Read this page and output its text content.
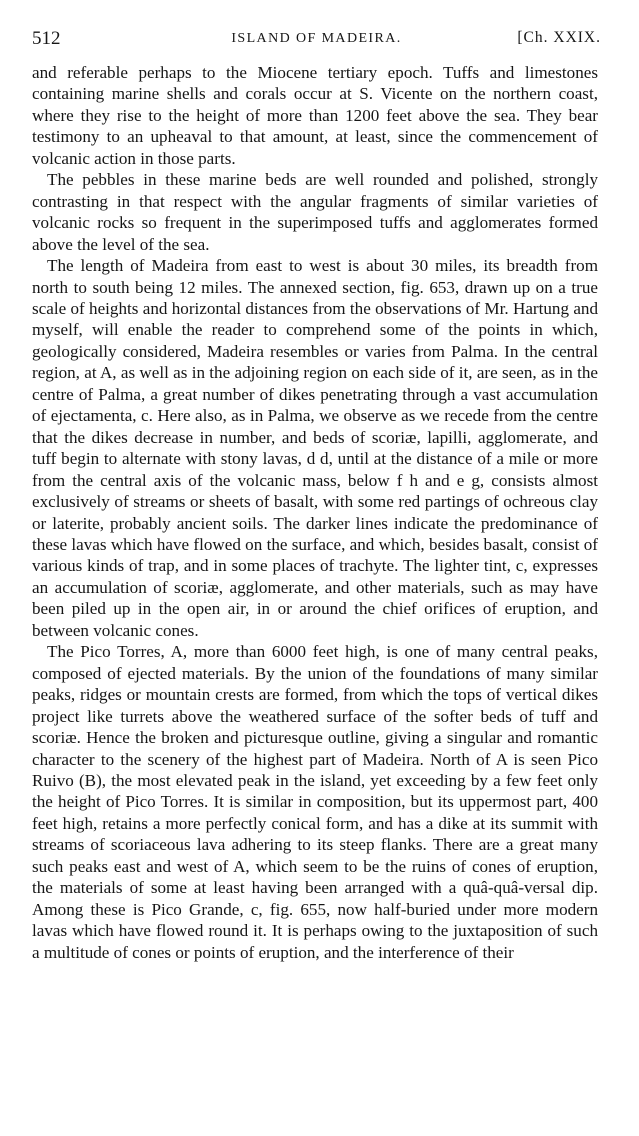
512	ISLAND OF MADEIRA.	[Ch. XXIX.

and referable perhaps to the Miocene tertiary epoch. Tuffs and limestones containing marine shells and corals occur at S. Vicente on the northern coast, where they rise to the height of more than 1200 feet above the sea. They bear testimony to an upheaval to that amount, at least, since the commencement of volcanic action in those parts.

The pebbles in these marine beds are well rounded and polished, strongly contrasting in that respect with the angular fragments of similar varieties of volcanic rocks so frequent in the superimposed tuffs and agglomerates formed above the level of the sea.

The length of Madeira from east to west is about 30 miles, its breadth from north to south being 12 miles. The annexed section, fig. 653, drawn up on a true scale of heights and horizontal distances from the observations of Mr. Hartung and myself, will enable the reader to comprehend some of the points in which, geologically considered, Madeira resembles or varies from Palma. In the central region, at A, as well as in the adjoining region on each side of it, are seen, as in the centre of Palma, a great number of dikes penetrating through a vast accumulation of ejectamenta, c. Here also, as in Palma, we observe as we recede from the centre that the dikes decrease in number, and beds of scoriæ, lapilli, agglomerate, and tuff begin to alternate with stony lavas, d d, until at the distance of a mile or more from the central axis of the volcanic mass, below f h and e g, consists almost exclusively of streams or sheets of basalt, with some red partings of ochreous clay or laterite, probably ancient soils. The darker lines indicate the predominance of these lavas which have flowed on the surface, and which, besides basalt, consist of various kinds of trap, and in some places of trachyte. The lighter tint, c, expresses an accumulation of scoriæ, agglomerate, and other materials, such as may have been piled up in the open air, in or around the chief orifices of eruption, and between volcanic cones.

The Pico Torres, A, more than 6000 feet high, is one of many central peaks, composed of ejected materials. By the union of the foundations of many similar peaks, ridges or mountain crests are formed, from which the tops of vertical dikes project like turrets above the weathered surface of the softer beds of tuff and scoriæ. Hence the broken and picturesque outline, giving a singular and romantic character to the scenery of the highest part of Madeira. North of A is seen Pico Ruivo (B), the most elevated peak in the island, yet exceeding by a few feet only the height of Pico Torres. It is similar in composition, but its uppermost part, 400 feet high, retains a more perfectly conical form, and has a dike at its summit with streams of scoriaceous lava adhering to its steep flanks. There are a great many such peaks east and west of A, which seem to be the ruins of cones of eruption, the materials of some at least having been arranged with a quâ-quâ-versal dip. Among these is Pico Grande, c, fig. 655, now half-buried under more modern lavas which have flowed round it. It is perhaps owing to the juxtaposition of such a multitude of cones or points of eruption, and the interference of their
